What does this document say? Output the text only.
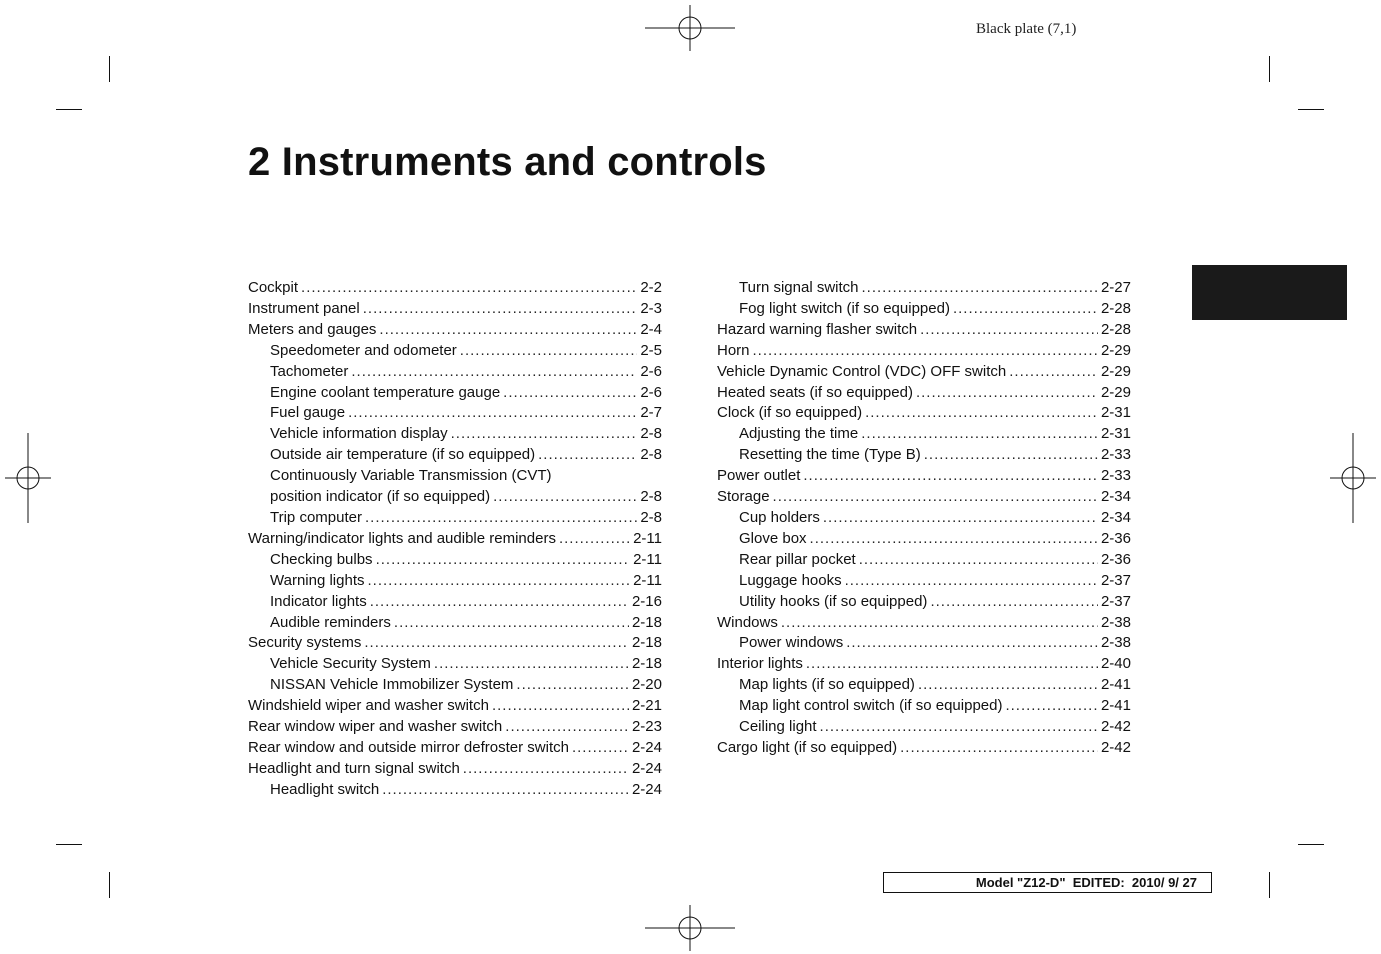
Black plate (7,1)
2 Instruments and controls
Cockpit .....	2-2
Instrument panel .....	2-3
Meters and gauges .....	2-4
Speedometer and odometer .....	2-5
Tachometer .....	2-6
Engine coolant temperature gauge .....	2-6
Fuel gauge .....	2-7
Vehicle information display .....	2-8
Outside air temperature (if so equipped) .....	2-8
Continuously Variable Transmission (CVT)
position indicator (if so equipped) .....	2-8
Trip computer .....	2-8
Warning/indicator lights and audible reminders .....	2-11
Checking bulbs .....	2-11
Warning lights .....	2-11
Indicator lights .....	2-16
Audible reminders .....	2-18
Security systems .....	2-18
Vehicle Security System .....	2-18
NISSAN Vehicle Immobilizer System .....	2-20
Windshield wiper and washer switch .....	2-21
Rear window wiper and washer switch .....	2-23
Rear window and outside mirror defroster switch .....	2-24
Headlight and turn signal switch .....	2-24
Headlight switch .....	2-24
Turn signal switch .....	2-27
Fog light switch (if so equipped) .....	2-28
Hazard warning flasher switch .....	2-28
Horn .....	2-29
Vehicle Dynamic Control (VDC) OFF switch .....	2-29
Heated seats (if so equipped) .....	2-29
Clock (if so equipped) .....	2-31
Adjusting the time .....	2-31
Resetting the time (Type B) .....	2-33
Power outlet .....	2-33
Storage .....	2-34
Cup holders .....	2-34
Glove box .....	2-36
Rear pillar pocket .....	2-36
Luggage hooks .....	2-37
Utility hooks (if so equipped) .....	2-37
Windows .....	2-38
Power windows .....	2-38
Interior lights .....	2-40
Map lights (if so equipped) .....	2-41
Map light control switch (if so equipped) .....	2-41
Ceiling light .....	2-42
Cargo light (if so equipped) .....	2-42
Model "Z12-D"  EDITED:  2010/ 9/ 27
